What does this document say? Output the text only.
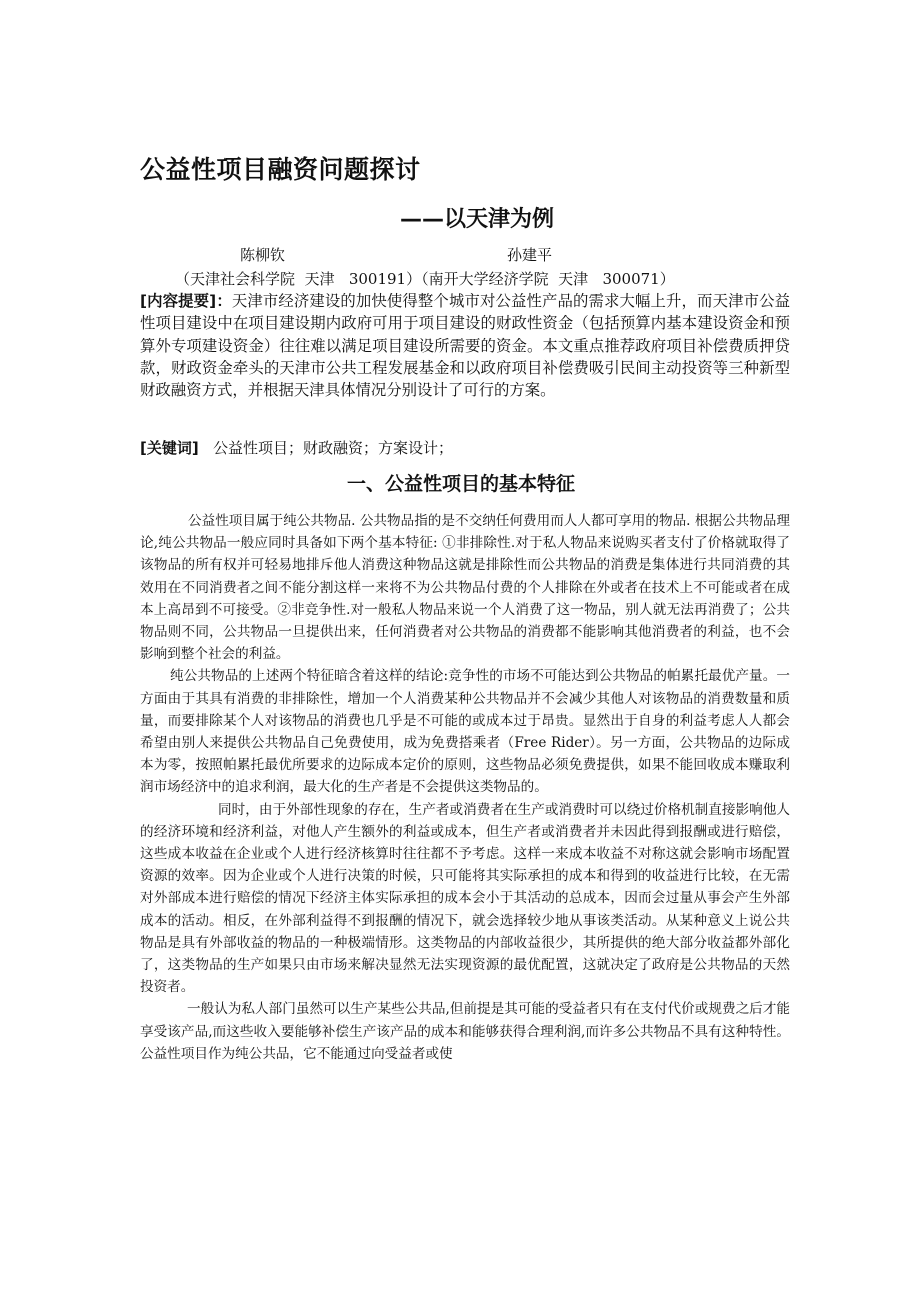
公益性项目融资问题探讨
——以天津为例
陈柳钦	孙建平
（天津社会科学院  天津   300191）（南开大学经济学院  天津   300071）
[内容提要]：天津市经济建设的加快使得整个城市对公益性产品的需求大幅上升，而天津市公益性项目建设中在项目建设期内政府可用于项目建设的财政性资金（包括预算内基本建设资金和预算外专项建设资金）往往难以满足项目建设所需要的资金。本文重点推荐政府项目补偿费质押贷款，财政资金牵头的天津市公共工程发展基金和以政府项目补偿费吸引民间主动投资等三种新型财政融资方式，并根据天津具体情况分别设计了可行的方案。
[关键词]   公益性项目；财政融资；方案设计；
一、公益性项目的基本特征

公益性项目属于纯公共物品. 公共物品指的是不交纳任何费用而人人都可享用的物品. 根据公共物品理论,纯公共物品一般应同时具备如下两个基本特征: ①非排除性.对于私人物品来说购买者支付了价格就取得了该物品的所有权并可轻易地排斥他人消费这种物品这就是排除性而公共物品的消费是集体进行共同消费的其效用在不同消费者之间不能分割这样一来将不为公共物品付费的个人排除在外或者在技术上不可能或者在成本上高昂到不可接受。②非竞争性.对一般私人物品来说一个人消费了这一物品，别人就无法再消费了；公共物品则不同，公共物品一旦提供出来，任何消费者对公共物品的消费都不能影响其他消费者的利益，也不会影响到整个社会的利益。

纯公共物品的上述两个特征暗含着这样的结论:竞争性的市场不可能达到公共物品的帕累托最优产量。一方面由于其具有消费的非排除性，增加一个人消费某种公共物品并不会减少其他人对该物品的消费数量和质量，而要排除某个人对该物品的消费也几乎是不可能的或成本过于昂贵。显然出于自身的利益考虑人人都会希望由别人来提供公共物品自己免费使用，成为免费搭乘者（Free Rider）。另一方面，公共物品的边际成本为零，按照帕累托最优所要求的边际成本定价的原则，这些物品必须免费提供，如果不能回收成本赚取利润市场经济中的追求利润，最大化的生产者是不会提供这类物品的。

同时，由于外部性现象的存在，生产者或消费者在生产或消费时可以绕过价格机制直接影响他人的经济环境和经济利益，对他人产生额外的利益或成本，但生产者或消费者并未因此得到报酬或进行赔偿，这些成本收益在企业或个人进行经济核算时往往都不予考虑。这样一来成本收益不对称这就会影响市场配置资源的效率。因为企业或个人进行决策的时候，只可能将其实际承担的成本和得到的收益进行比较，在无需对外部成本进行赔偿的情况下经济主体实际承担的成本会小于其活动的总成本，因而会过量从事会产生外部成本的活动。相反，在外部利益得不到报酬的情况下，就会选择较少地从事该类活动。从某种意义上说公共物品是具有外部收益的物品的一种极端情形。这类物品的内部收益很少，其所提供的绝大部分收益都外部化了，这类物品的生产如果只由市场来解决显然无法实现资源的最优配置，这就决定了政府是公共物品的天然投资者。

一般认为私人部门虽然可以生产某些公共品,但前提是其可能的受益者只有在支付代价或规费之后才能享受该产品,而这些收入要能够补偿生产该产品的成本和能够获得合理利润,而许多公共物品不具有这种特性。公益性项目作为纯公共品，它不能通过向受益者或使
